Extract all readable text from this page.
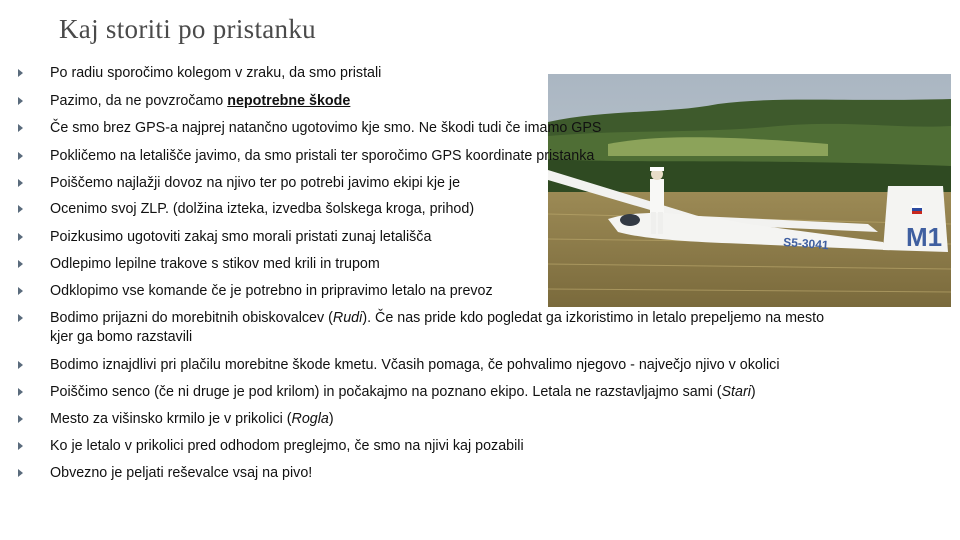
Kaj storiti po pristanku
M1
S5-3041
Po radiu sporočimo kolegom v zraku, da smo pristali
Pazimo, da ne povzročamo nepotrebne škode
Če smo brez GPS-a najprej natančno ugotovimo kje smo. Ne škodi tudi če imamo GPS
Pokličemo na letališče javimo, da smo pristali ter sporočimo GPS koordinate pristanka
Poiščemo najlažji dovoz na njivo ter po potrebi javimo ekipi kje je
Ocenimo svoj ZLP. (dolžina izteka, izvedba šolskega kroga, prihod)
Poizkusimo ugotoviti zakaj smo morali pristati zunaj letališča
Odlepimo lepilne trakove s stikov med krili in trupom
Odklopimo vse komande če je potrebno in pripravimo letalo na prevoz
Bodimo prijazni do morebitnih obiskovalcev (Rudi). Če nas pride kdo pogledat ga izkoristimo in letalo prepeljemo na mesto kjer ga bomo razstavili
Bodimo iznajdlivi pri plačilu morebitne škode kmetu. Včasih pomaga, če pohvalimo njegovo - največjo njivo v okolici
Poiščimo senco (če ni druge je pod krilom) in počakajmo na poznano ekipo. Letala ne razstavljajmo sami (Stari)
Mesto za višinsko krmilo je v prikolici (Rogla)
Ko je letalo v prikolici pred odhodom preglejmo, če smo na njivi kaj pozabili
Obvezno je peljati reševalce vsaj na pivo!
